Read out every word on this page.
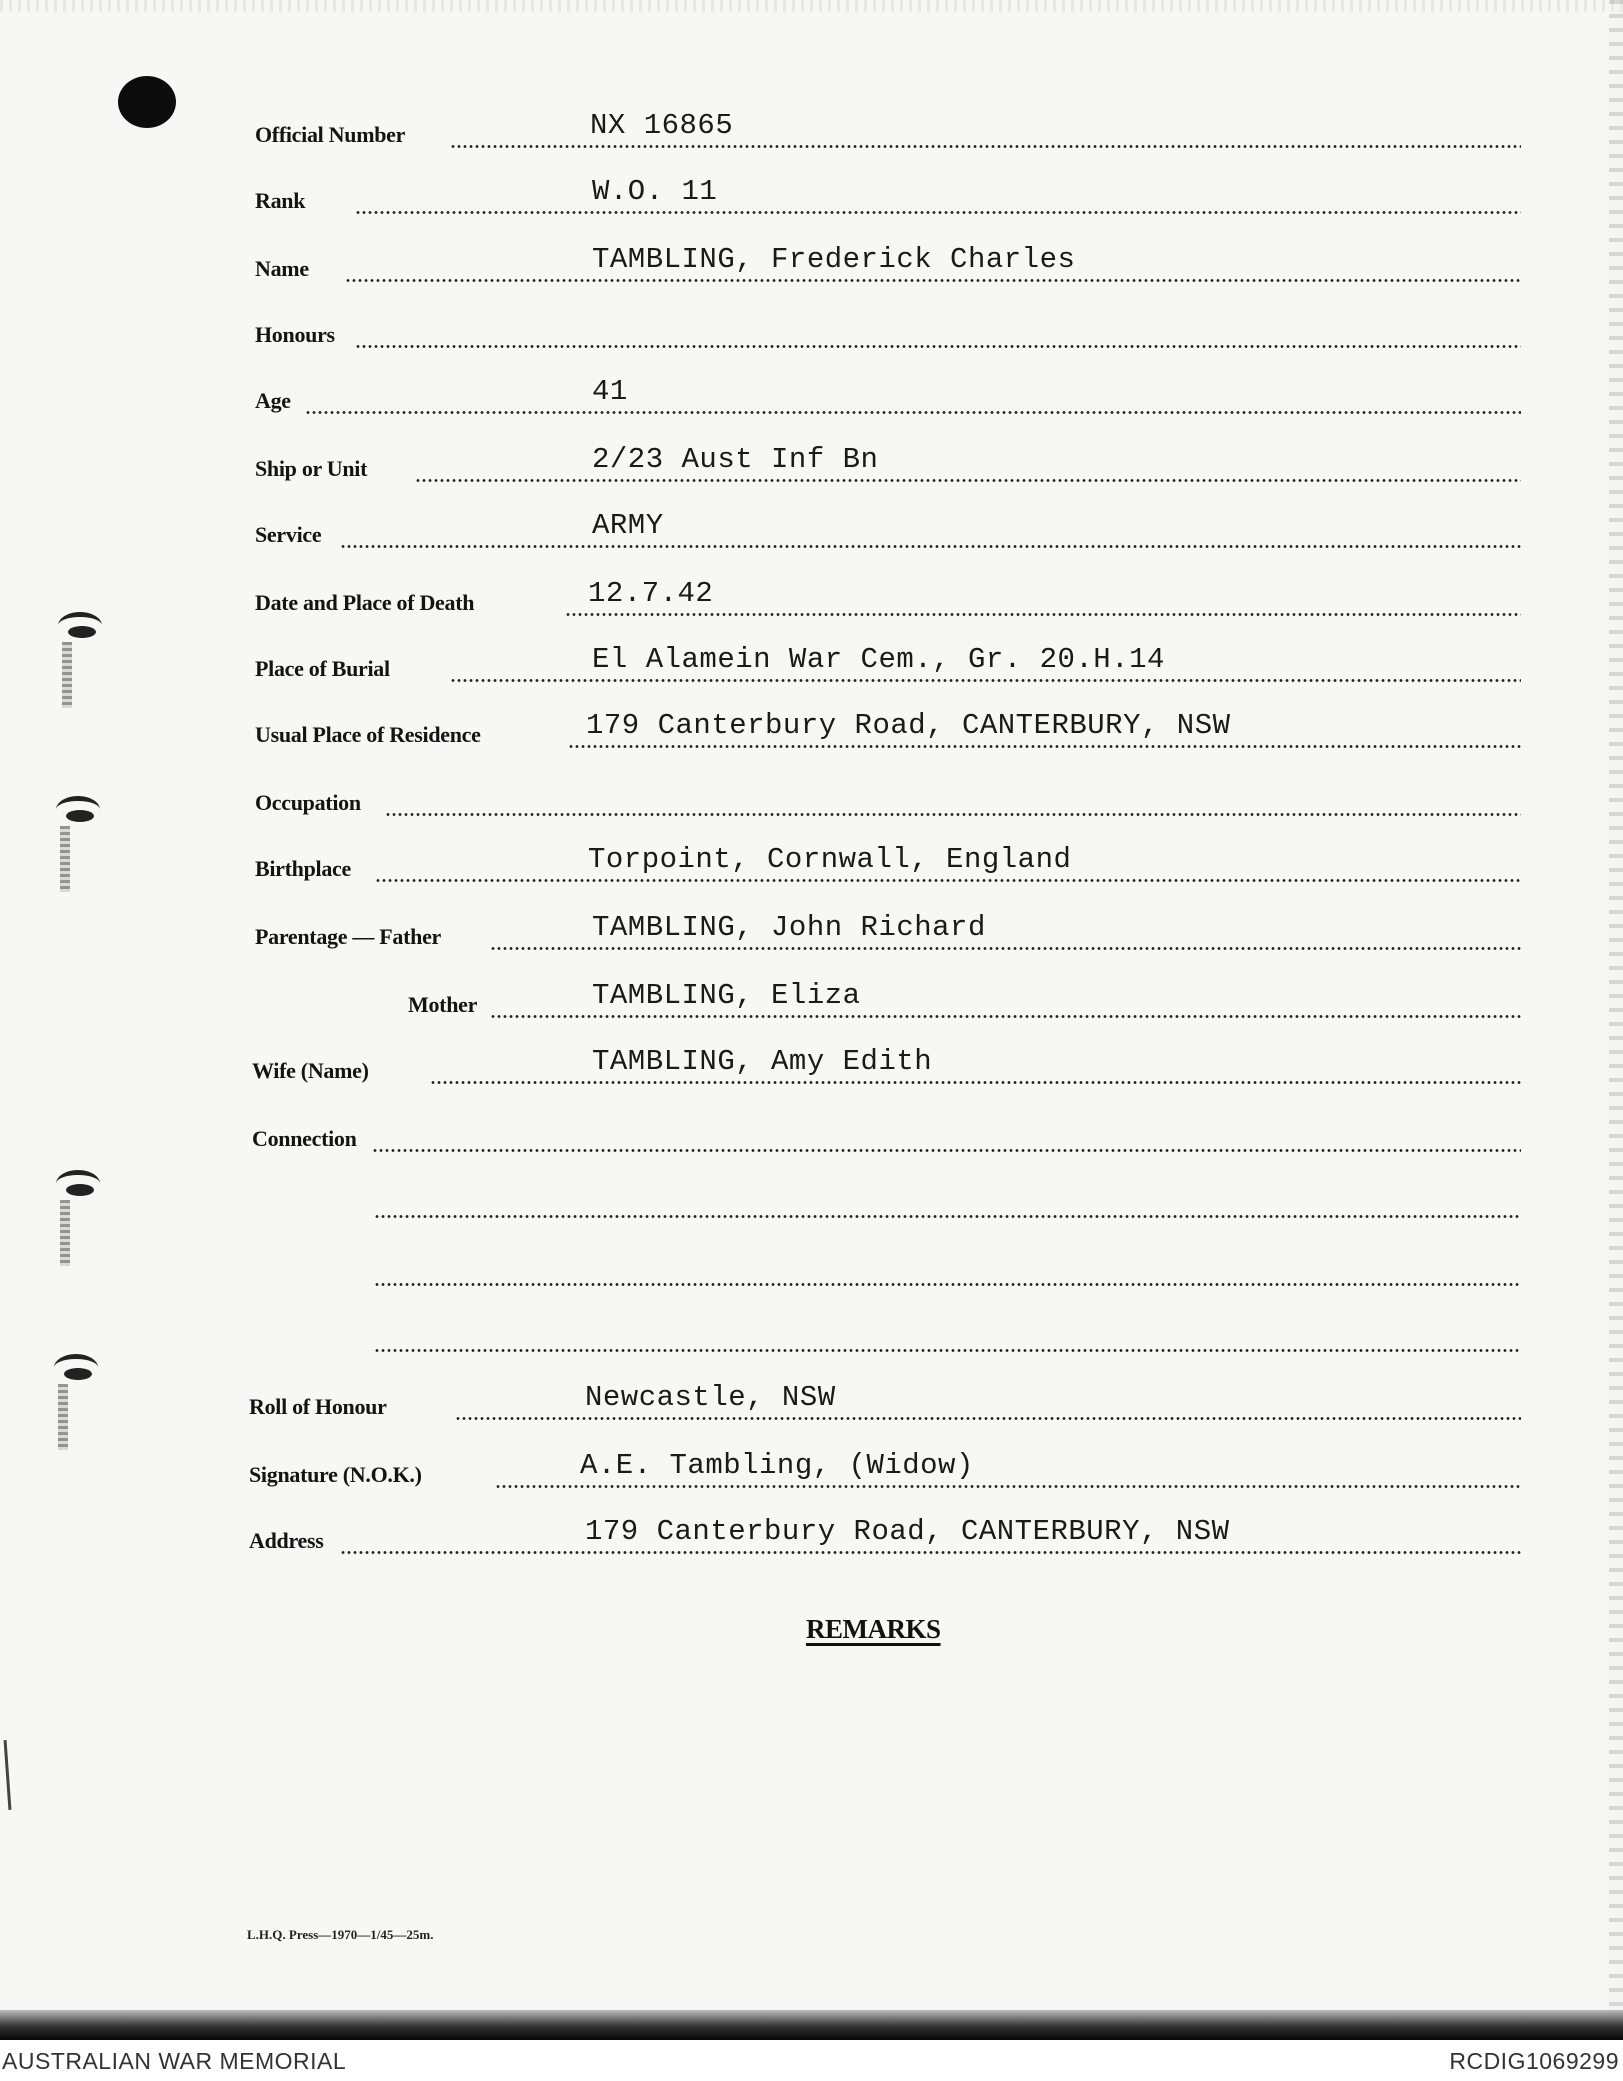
Official Number	NX 16865
Rank	W.O. 11
Name	TAMBLING, Frederick Charles
Honours
Age	41
Ship or Unit	2/23 Aust Inf Bn
Service	ARMY
Date and Place of Death	12.7.42
Place of Burial	El Alamein War Cem., Gr. 20.H.14
Usual Place of Residence	179 Canterbury Road, CANTERBURY, NSW
Occupation
Birthplace	Torpoint, Cornwall, England
Parentage — Father	TAMBLING, John Richard
Mother	TAMBLING, Eliza
Wife (Name)	TAMBLING, Amy Edith
Connection
Roll of Honour	Newcastle, NSW
Signature (N.O.K.)	A.E. Tambling, (Widow)
Address	179 Canterbury Road, CANTERBURY, NSW
REMARKS
L.H.Q. Press—1970—1/45—25m.
AUSTRALIAN WAR MEMORIAL	RCDIG1069299
